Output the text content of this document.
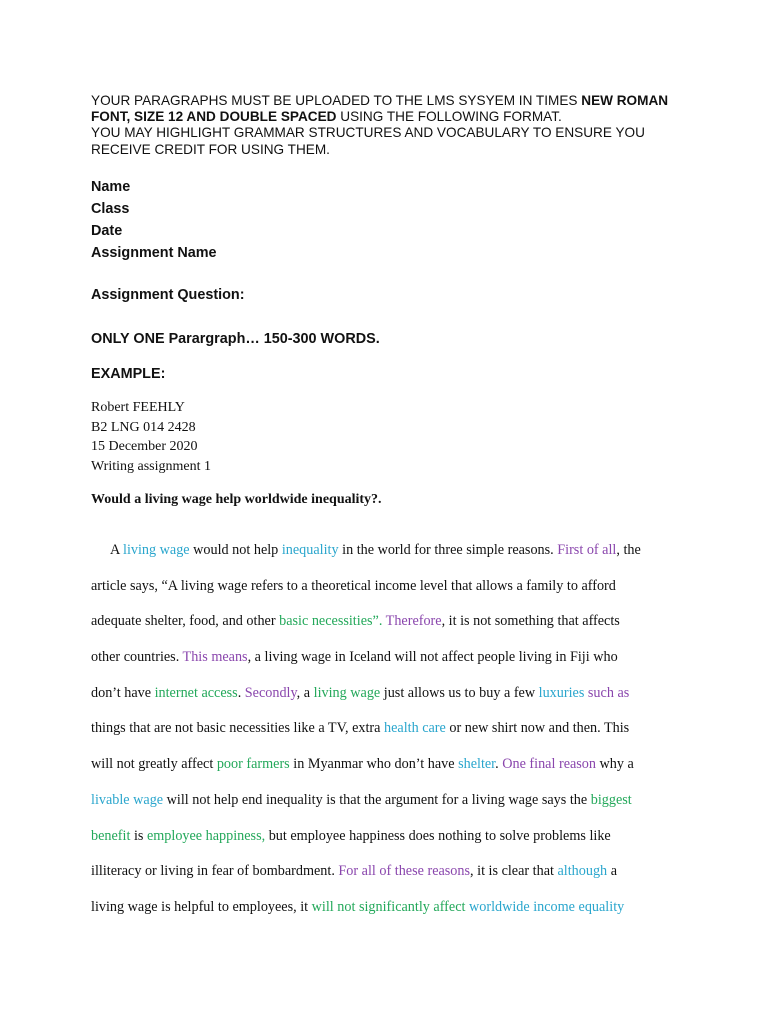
YOUR PARAGRAPHS MUST BE UPLOADED TO THE LMS SYSYEM IN TIMES NEW ROMAN FONT, SIZE 12 AND DOUBLE SPACED USING THE FOLLOWING FORMAT.
YOU MAY HIGHLIGHT GRAMMAR STRUCTURES AND VOCABULARY TO ENSURE YOU RECEIVE CREDIT FOR USING THEM.
Name
Class
Date
Assignment Name
Assignment Question:
ONLY ONE Parargraph… 150-300 WORDS.
EXAMPLE:
Robert FEEHLY
B2 LNG 014 2428
15 December 2020
Writing assignment 1
Would a living wage help worldwide inequality?.
A living wage would not help inequality in the world for three simple reasons. First of all, the
article says, “A living wage refers to a theoretical income level that allows a family to afford
adequate shelter, food, and other basic necessities”. Therefore, it is not something that affects
other countries. This means, a living wage in Iceland will not affect people living in Fiji who
don’t have internet access. Secondly, a living wage just allows us to buy a few luxuries such as
things that are not basic necessities like a TV, extra health care or new shirt now and then. This
will not greatly affect poor farmers in Myanmar who don’t have shelter. One final reason why a
livable wage will not help end inequality is that the argument for a living wage says the biggest
benefit is employee happiness, but employee happiness does nothing to solve problems like
illiteracy or living in fear of bombardment. For all of these reasons, it is clear that although a
living wage is helpful to employees, it will not significantly affect worldwide income equality
